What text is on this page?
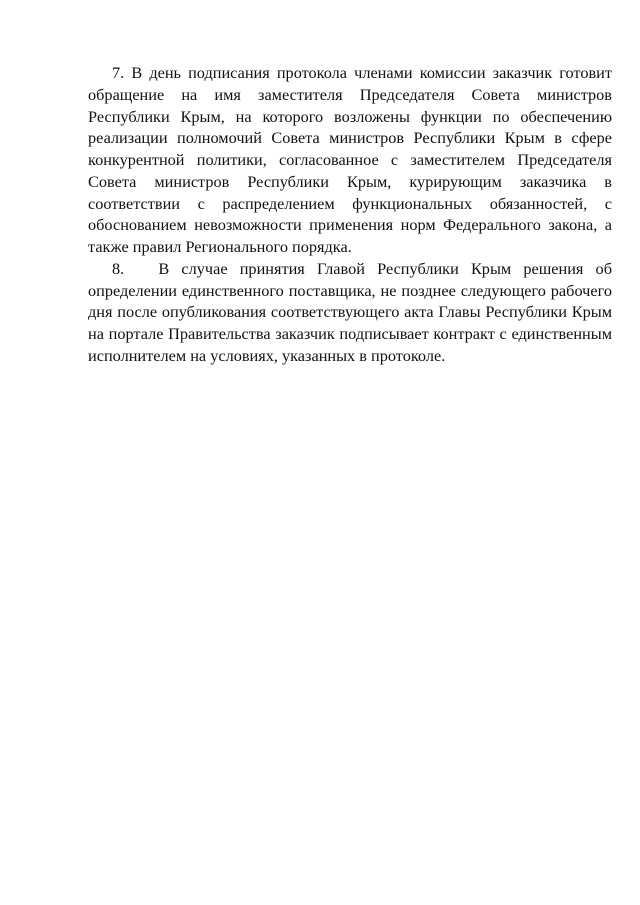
7. В день подписания протокола членами комиссии заказчик готовит обращение на имя заместителя Председателя Совета министров Республики Крым, на которого возложены функции по обеспечению реализации полномочий Совета министров Республики Крым в сфере конкурентной политики, согласованное с заместителем Председателя Совета министров Республики Крым, курирующим заказчика в соответствии с распределением функциональных обязанностей, с обоснованием невозможности применения норм Федерального закона, а также правил Регионального порядка.

8. В случае принятия Главой Республики Крым решения об определении единственного поставщика, не позднее следующего рабочего дня после опубликования соответствующего акта Главы Республики Крым на портале Правительства заказчик подписывает контракт с единственным исполнителем на условиях, указанных в протоколе.
